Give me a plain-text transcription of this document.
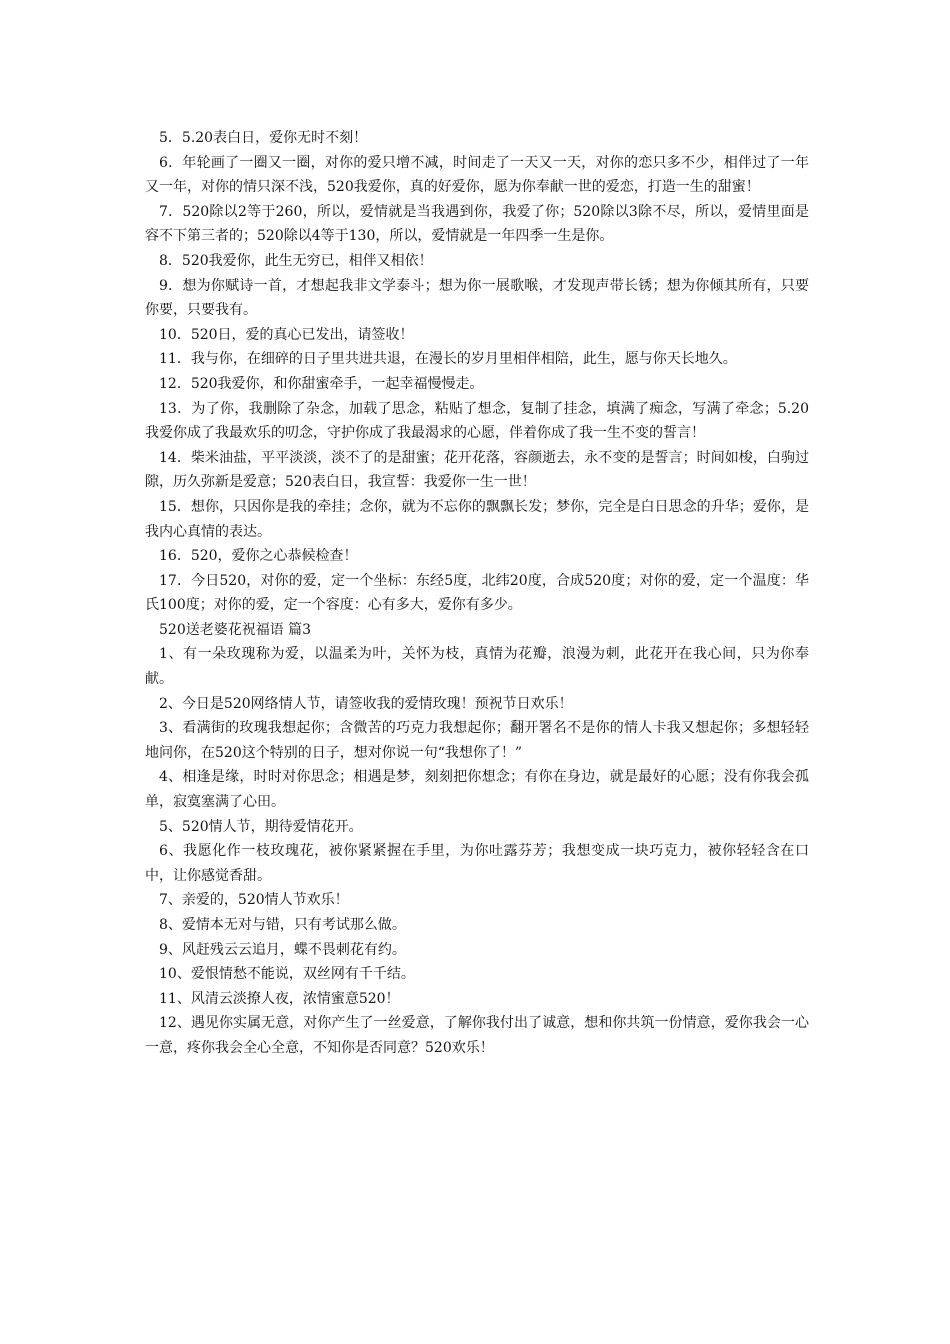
5．5.20表白日，爱你无时不刻！

6．年轮画了一圈又一圈，对你的爱只增不减，时间走了一天又一天，对你的恋只多不少，相伴过了一年又一年，对你的情只深不浅，520我爱你，真的好爱你，愿为你奉献一世的爱恋，打造一生的甜蜜！

7．520除以2等于260，所以，爱情就是当我遇到你，我爱了你；520除以3除不尽，所以，爱情里面是容不下第三者的；520除以4等于130，所以，爱情就是一年四季一生是你。

8．520我爱你，此生无穷已，相伴又相依！

9．想为你赋诗一首，才想起我非文学泰斗；想为你一展歌喉，才发现声带长锈；想为你倾其所有，只要你要，只要我有。

10．520日，爱的真心已发出，请签收！

11．我与你，在细碎的日子里共进共退，在漫长的岁月里相伴相陪，此生，愿与你天长地久。

12．520我爱你，和你甜蜜牵手，一起幸福慢慢走。

13．为了你，我删除了杂念，加载了思念，粘贴了想念，复制了挂念，填满了痴念，写满了牵念；5.20我爱你成了我最欢乐的叨念，守护你成了我最渴求的心愿，伴着你成了我一生不变的誓言！

14．柴米油盐，平平淡淡，淡不了的是甜蜜；花开花落，容颜逝去，永不变的是誓言；时间如梭，白驹过隙，历久弥新是爱意；520表白日，我宣誓：我爱你一生一世！

15．想你，只因你是我的牵挂；念你，就为不忘你的飘飘长发；梦你，完全是白日思念的升华；爱你，是我内心真情的表达。

16．520，爱你之心恭候检查！

17．今日520，对你的爱，定一个坐标：东经5度，北纬20度，合成520度；对你的爱，定一个温度：华氏100度；对你的爱，定一个容度：心有多大，爱你有多少。

520送老婆花祝福语 篇3

1、有一朵玫瑰称为爱，以温柔为叶，关怀为枝，真情为花瓣，浪漫为刺，此花开在我心间，只为你奉献。

2、今日是520网络情人节，请签收我的爱情玫瑰！预祝节日欢乐！

3、看满街的玫瑰我想起你；含微苦的巧克力我想起你；翻开署名不是你的情人卡我又想起你；多想轻轻地问你，在520这个特别的日子，想对你说一句“我想你了！”

4、相逢是缘，时时对你思念；相遇是梦，刻刻把你想念；有你在身边，就是最好的心愿；没有你我会孤单，寂寞塞满了心田。

5、520情人节，期待爱情花开。

6、我愿化作一枝玫瑰花，被你紧紧握在手里，为你吐露芬芳；我想变成一块巧克力，被你轻轻含在口中，让你感觉香甜。

7、亲爱的，520情人节欢乐！

8、爱情本无对与错，只有考试那么做。

9、风赶残云云追月，蝶不畏刺花有约。

10、爱恨情愁不能说，双丝网有千千结。

11、风清云淡撩人夜，浓情蜜意520！

12、遇见你实属无意，对你产生了一丝爱意，了解你我付出了诚意，想和你共筑一份情意，爱你我会一心一意，疼你我会全心全意，不知你是否同意？520欢乐！
